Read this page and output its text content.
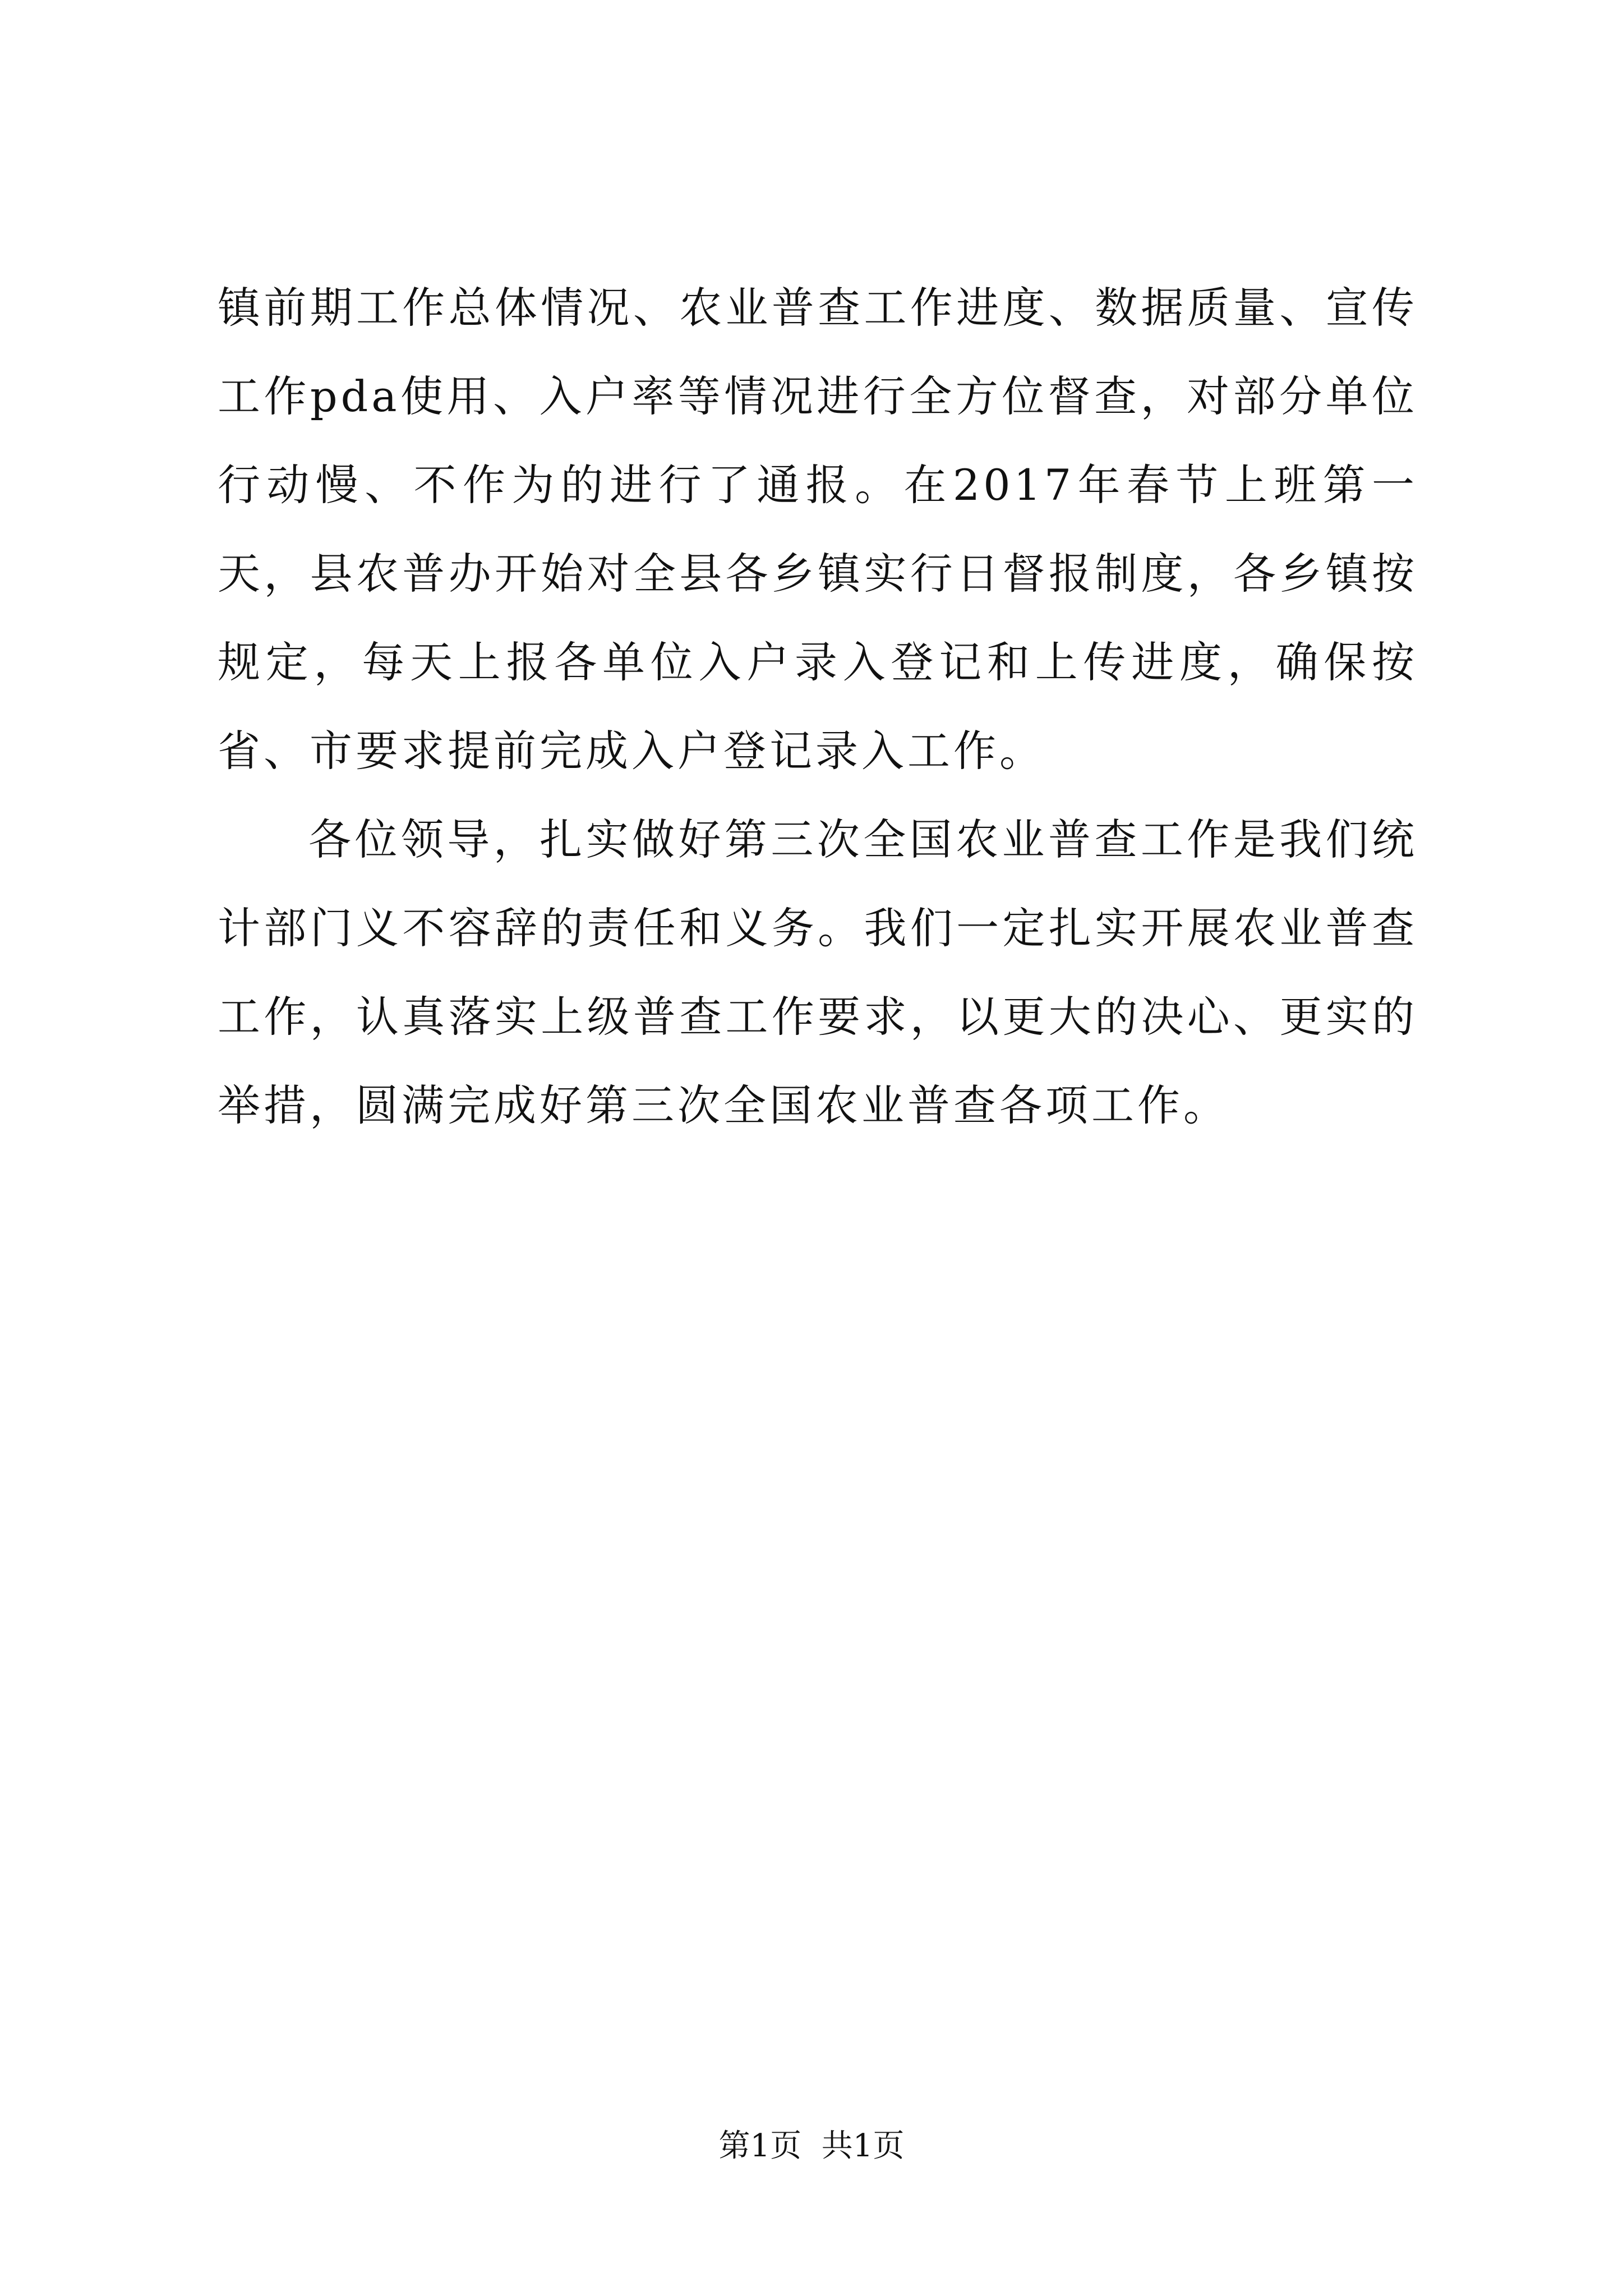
镇前期工作总体情况、农业普查工作进度、数据质量、宣传工作pda使用、入户率等情况进行全方位督查，对部分单位行动慢、不作为的进行了通报。在2017年春节上班第一天，县农普办开始对全县各乡镇实行日督报制度，各乡镇按规定，每天上报各单位入户录入登记和上传进度，确保按省、市要求提前完成入户登记录入工作。

各位领导，扎实做好第三次全国农业普查工作是我们统计部门义不容辞的责任和义务。我们一定扎实开展农业普查工作，认真落实上级普查工作要求，以更大的决心、更实的举措，圆满完成好第三次全国农业普查各项工作。

第1页  共1页
